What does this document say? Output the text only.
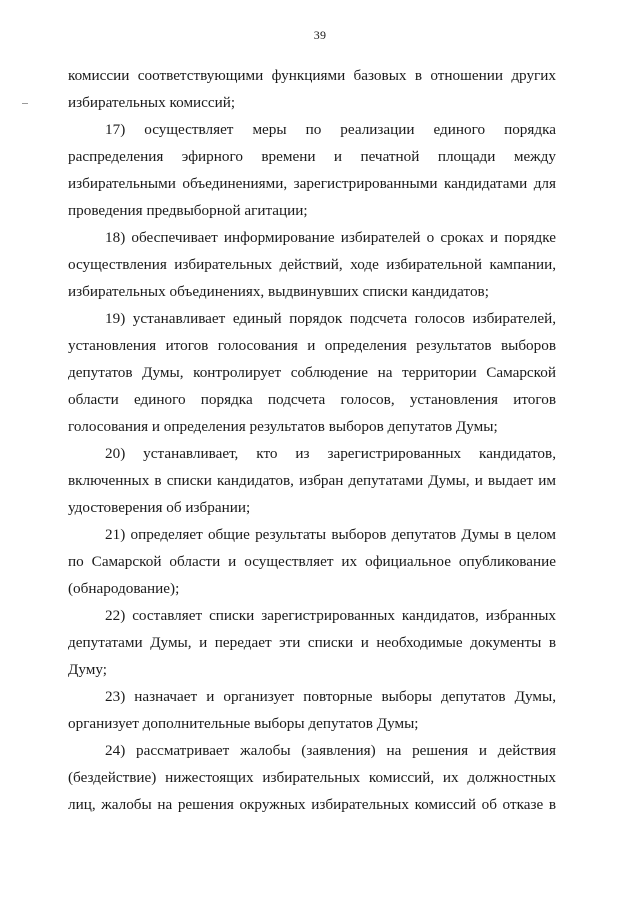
39

комиссии соответствующими функциями базовых в отношении других избирательных комиссий;

17) осуществляет меры по реализации единого порядка распределения эфирного времени и печатной площади между избирательными объединениями, зарегистрированными кандидатами для проведения предвыборной агитации;

18) обеспечивает информирование избирателей о сроках и порядке осуществления избирательных действий, ходе избирательной кампании, избирательных объединениях, выдвинувших списки кандидатов;

19) устанавливает единый порядок подсчета голосов избирателей, установления итогов голосования и определения результатов выборов депутатов Думы, контролирует соблюдение на территории Самарской области единого порядка подсчета голосов, установления итогов голосования и определения результатов выборов депутатов Думы;

20) устанавливает, кто из зарегистрированных кандидатов, включенных в списки кандидатов, избран депутатами Думы, и выдает им удостоверения об избрании;

21) определяет общие результаты выборов депутатов Думы в целом по Самарской области и осуществляет их официальное опубликование (обнародование);

22) составляет списки зарегистрированных кандидатов, избранных депутатами Думы, и передает эти списки и необходимые документы в Думу;

23) назначает и организует повторные выборы депутатов Думы, организует дополнительные выборы депутатов Думы;

24) рассматривает жалобы (заявления) на решения и действия (бездействие) нижестоящих избирательных комиссий, их должностных лиц, жалобы на решения окружных избирательных комиссий об отказе в
